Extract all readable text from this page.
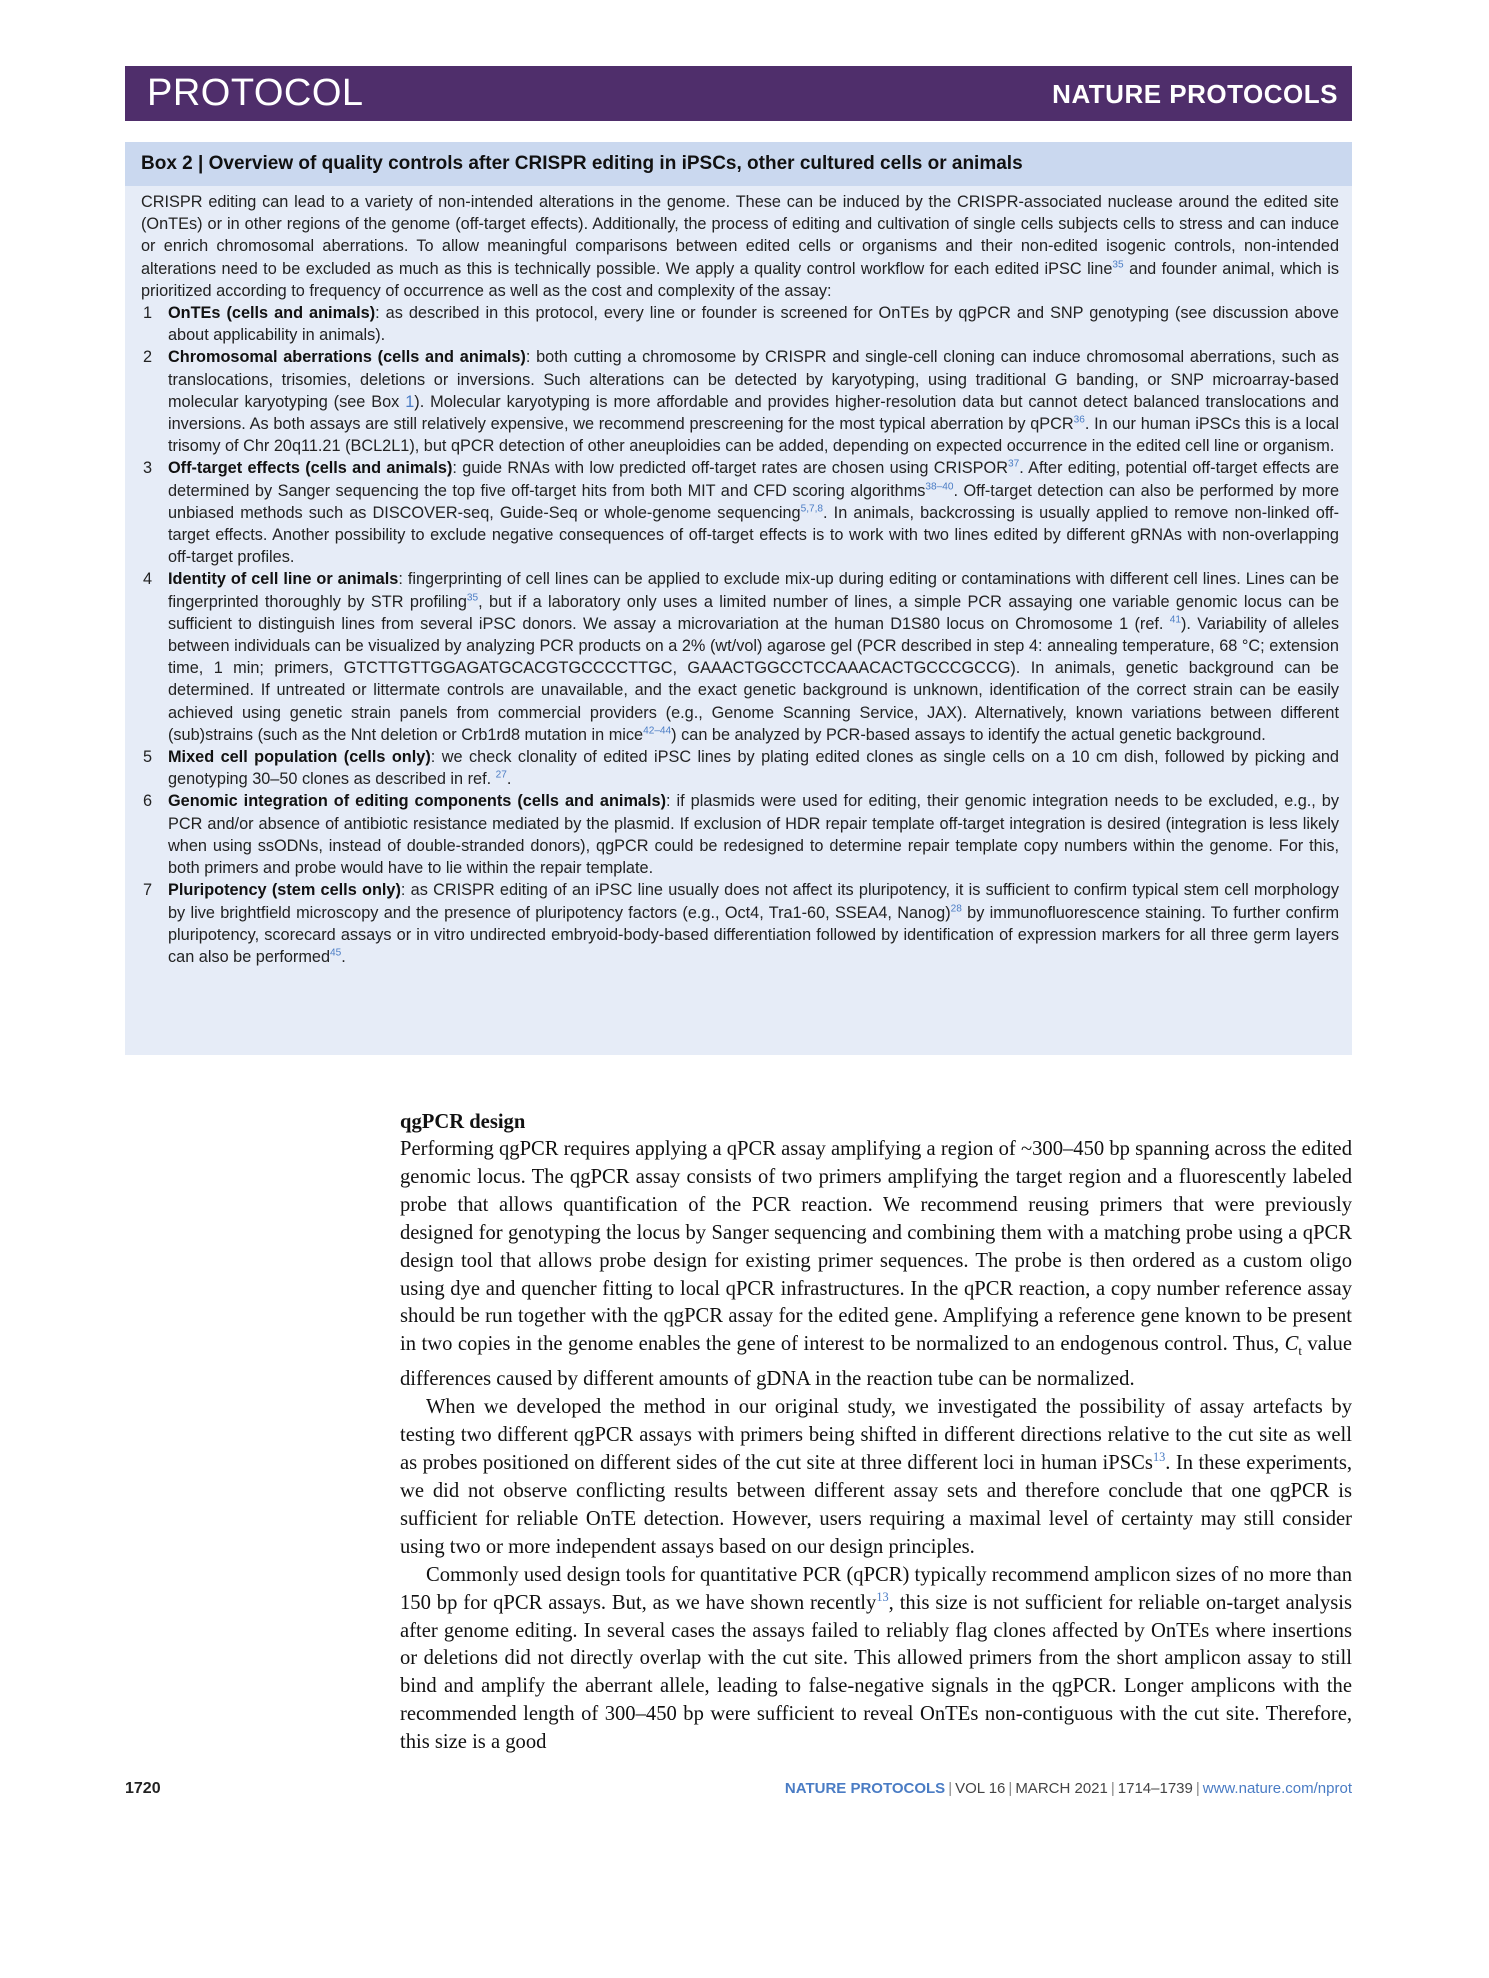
PROTOCOL	NATURE PROTOCOLS
Box 2 | Overview of quality controls after CRISPR editing in iPSCs, other cultured cells or animals

CRISPR editing can lead to a variety of non-intended alterations in the genome. These can be induced by the CRISPR-associated nuclease around the edited site (OnTEs) or in other regions of the genome (off-target effects). Additionally, the process of editing and cultivation of single cells subjects cells to stress and can induce or enrich chromosomal aberrations. To allow meaningful comparisons between edited cells or organisms and their non-edited isogenic controls, non-intended alterations need to be excluded as much as this is technically possible. We apply a quality control workflow for each edited iPSC line$^{35}$ and founder animal, which is prioritized according to frequency of occurrence as well as the cost and complexity of the assay:

1 OnTEs (cells and animals): as described in this protocol, every line or founder is screened for OnTEs by qgPCR and SNP genotyping (see discussion above about applicability in animals).
2 Chromosomal aberrations (cells and animals): both cutting a chromosome by CRISPR and single-cell cloning can induce chromosomal aberrations, such as translocations, trisomies, deletions or inversions. Such alterations can be detected by karyotyping, using traditional G banding, or SNP microarray-based molecular karyotyping (see Box 1). Molecular karyotyping is more affordable and provides higher-resolution data but cannot detect balanced translocations and inversions. As both assays are still relatively expensive, we recommend prescreening for the most typical aberration by qPCR$^{36}$. In our human iPSCs this is a local trisomy of Chr 20q11.21 (BCL2L1), but qPCR detection of other aneuploidies can be added, depending on expected occurrence in the edited cell line or organism.
3 Off-target effects (cells and animals): guide RNAs with low predicted off-target rates are chosen using CRISPOR$^{37}$. After editing, potential off-target effects are determined by Sanger sequencing the top five off-target hits from both MIT and CFD scoring algorithms$^{38-40}$. Off-target detection can also be performed by more unbiased methods such as DISCOVER-seq, Guide-Seq or whole-genome sequencing$^{5,7,8}$. In animals, backcrossing is usually applied to remove non-linked off-target effects. Another possibility to exclude negative consequences of off-target effects is to work with two lines edited by different gRNAs with non-overlapping off-target profiles.
4 Identity of cell line or animals: fingerprinting of cell lines can be applied to exclude mix-up during editing or contaminations with different cell lines. Lines can be fingerprinted thoroughly by STR profiling$^{35}$, but if a laboratory only uses a limited number of lines, a simple PCR assaying one variable genomic locus can be sufficient to distinguish lines from several iPSC donors. We assay a microvariation at the human D1S80 locus on Chromosome 1 (ref. $^{41}$). Variability of alleles between individuals can be visualized by analyzing PCR products on a 2% (wt/vol) agarose gel (PCR described in step 4: annealing temperature, 68 °C; extension time, 1 min; primers, GTCTTGTTGGAGATGCACGTGCCCCTTGC, GAAACTGGCCTCCAAACACTGCCCGCCG). In animals, genetic background can be determined. If untreated or littermate controls are unavailable, and the exact genetic background is unknown, identification of the correct strain can be easily achieved using genetic strain panels from commercial providers (e.g., Genome Scanning Service, JAX). Alternatively, known variations between different (sub)strains (such as the Nnt deletion or Crb1rd8 mutation in mice$^{42-44}$) can be analyzed by PCR-based assays to identify the actual genetic background.
5 Mixed cell population (cells only): we check clonality of edited iPSC lines by plating edited clones as single cells on a 10 cm dish, followed by picking and genotyping 30–50 clones as described in ref. $^{27}$.
6 Genomic integration of editing components (cells and animals): if plasmids were used for editing, their genomic integration needs to be excluded, e.g., by PCR and/or absence of antibiotic resistance mediated by the plasmid. If exclusion of HDR repair template off-target integration is desired (integration is less likely when using ssODNs, instead of double-stranded donors), qgPCR could be redesigned to determine repair template copy numbers within the genome. For this, both primers and probe would have to lie within the repair template.
7 Pluripotency (stem cells only): as CRISPR editing of an iPSC line usually does not affect its pluripotency, it is sufficient to confirm typical stem cell morphology by live brightfield microscopy and the presence of pluripotency factors (e.g., Oct4, Tra1-60, SSEA4, Nanog)$^{28}$ by immunofluorescence staining. To further confirm pluripotency, scorecard assays or in vitro undirected embryoid-body-based differentiation followed by identification of expression markers for all three germ layers can also be performed$^{45}$.
qgPCR design

Performing qgPCR requires applying a qPCR assay amplifying a region of ~300–450 bp spanning across the edited genomic locus. The qgPCR assay consists of two primers amplifying the target region and a fluorescently labeled probe that allows quantification of the PCR reaction. We recommend reusing primers that were previously designed for genotyping the locus by Sanger sequencing and combining them with a matching probe using a qPCR design tool that allows probe design for existing primer sequences. The probe is then ordered as a custom oligo using dye and quencher fitting to local qPCR infrastructures. In the qPCR reaction, a copy number reference assay should be run together with the qgPCR assay for the edited gene. Amplifying a reference gene known to be present in two copies in the genome enables the gene of interest to be normalized to an endogenous control. Thus, $C_t$ value differences caused by different amounts of gDNA in the reaction tube can be normalized.

When we developed the method in our original study, we investigated the possibility of assay artefacts by testing two different qgPCR assays with primers being shifted in different directions relative to the cut site as well as probes positioned on different sides of the cut site at three different loci in human iPSCs$^{13}$. In these experiments, we did not observe conflicting results between different assay sets and therefore conclude that one qgPCR is sufficient for reliable OnTE detection. However, users requiring a maximal level of certainty may still consider using two or more independent assays based on our design principles.

Commonly used design tools for quantitative PCR (qPCR) typically recommend amplicon sizes of no more than 150 bp for qPCR assays. But, as we have shown recently$^{13}$, this size is not sufficient for reliable on-target analysis after genome editing. In several cases the assays failed to reliably flag clones affected by OnTEs where insertions or deletions did not directly overlap with the cut site. This allowed primers from the short amplicon assay to still bind and amplify the aberrant allele, leading to false-negative signals in the qgPCR. Longer amplicons with the recommended length of 300–450 bp were sufficient to reveal OnTEs non-contiguous with the cut site. Therefore, this size is a good

1720	NATURE PROTOCOLS | VOL 16 | MARCH 2021 | 1714–1739 | www.nature.com/nprot
